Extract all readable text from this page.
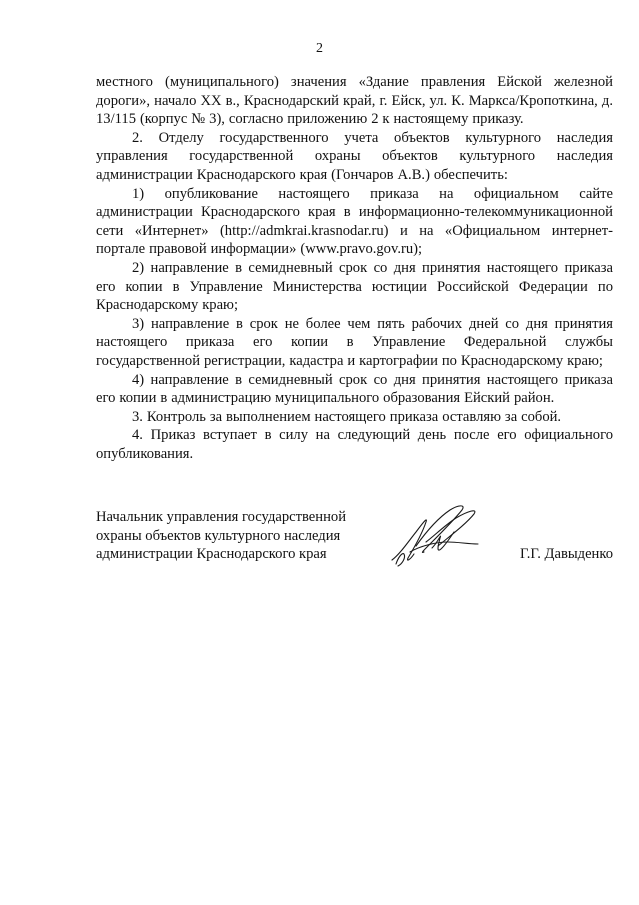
2

местного (муниципального) значения «Здание правления Ейской железной дороги», начало XX в., Краснодарский край, г. Ейск, ул. К. Маркса/Кропоткина, д. 13/115 (корпус № 3), согласно приложению 2 к настоящему приказу.

2. Отделу государственного учета объектов культурного наследия управления государственной охраны объектов культурного наследия администрации Краснодарского края (Гончаров А.В.) обеспечить:

1) опубликование настоящего приказа на официальном сайте администрации Краснодарского края в информационно-телекоммуникационной сети «Интернет» (http://admkrai.krasnodar.ru) и на «Официальном интернет-портале правовой информации» (www.pravo.gov.ru);

2) направление в семидневный срок со дня принятия настоящего приказа его копии в Управление Министерства юстиции Российской Федерации по Краснодарскому краю;

3) направление в срок не более чем пять рабочих дней со дня принятия настоящего приказа его копии в Управление Федеральной службы государственной регистрации, кадастра и картографии по Краснодарскому краю;

4) направление в семидневный срок со дня принятия настоящего приказа его копии в администрацию муниципального образования Ейский район.

3. Контроль за выполнением настоящего приказа оставляю за собой.

4. Приказ вступает в силу на следующий день после его официального опубликования.

Начальник управления государственной
охраны объектов культурного наследия
администрации Краснодарского края	Г.Г. Давыденко
